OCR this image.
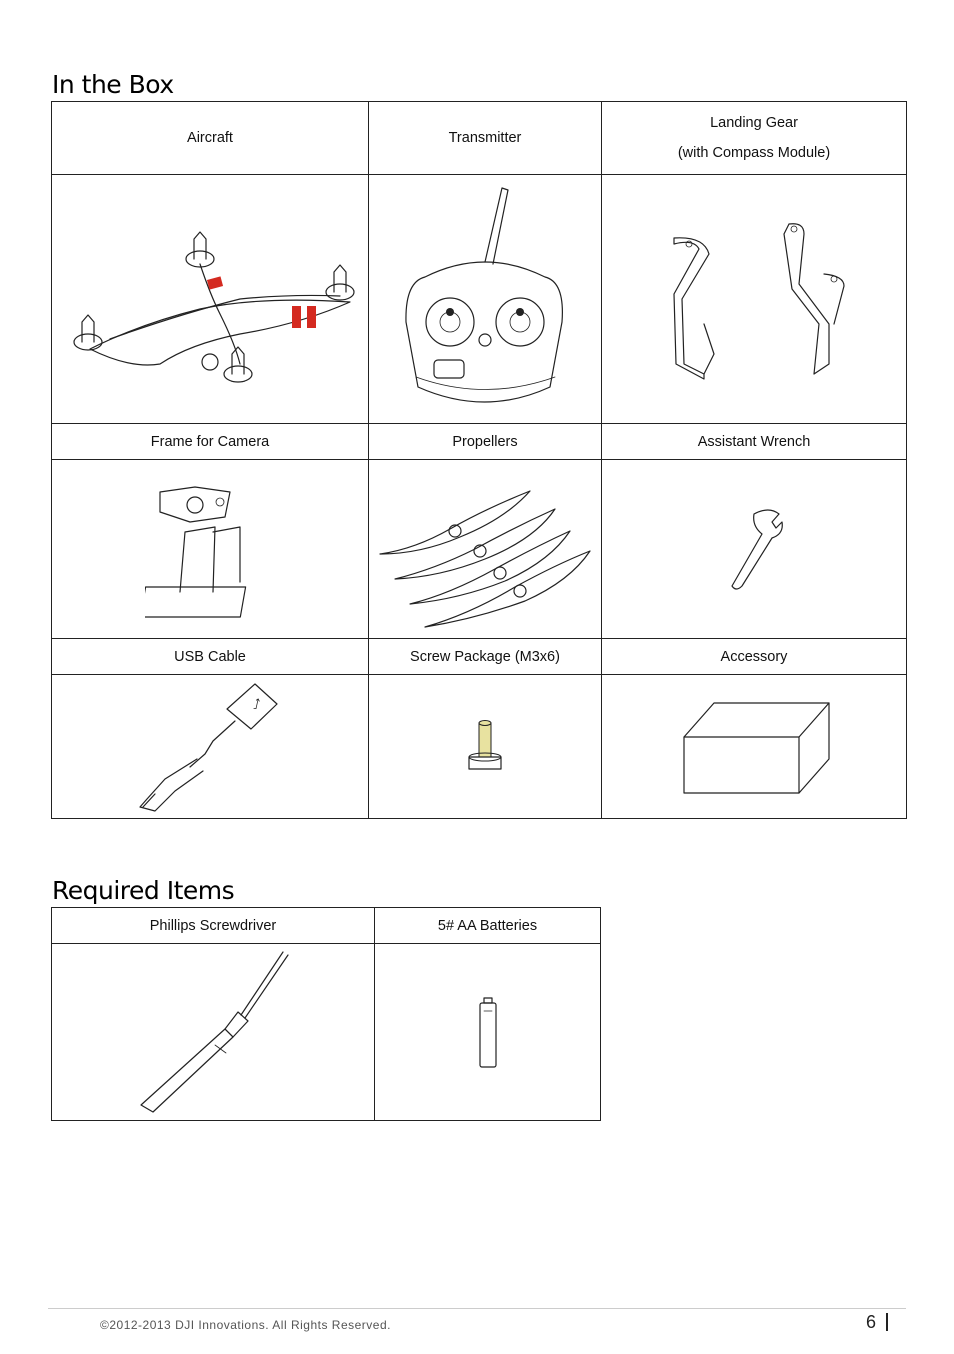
In the Box
Aircraft	Transmitter	Landing Gear
(with Compass Module)

Frame for Camera	Propellers	Assistant Wrench

USB Cable	Screw Package (M3x6)	Accessory

⭜

Required Items
Phillips Screwdriver	5# AA Batteries

©2012-2013 DJI Innovations. All Rights Reserved.	6
